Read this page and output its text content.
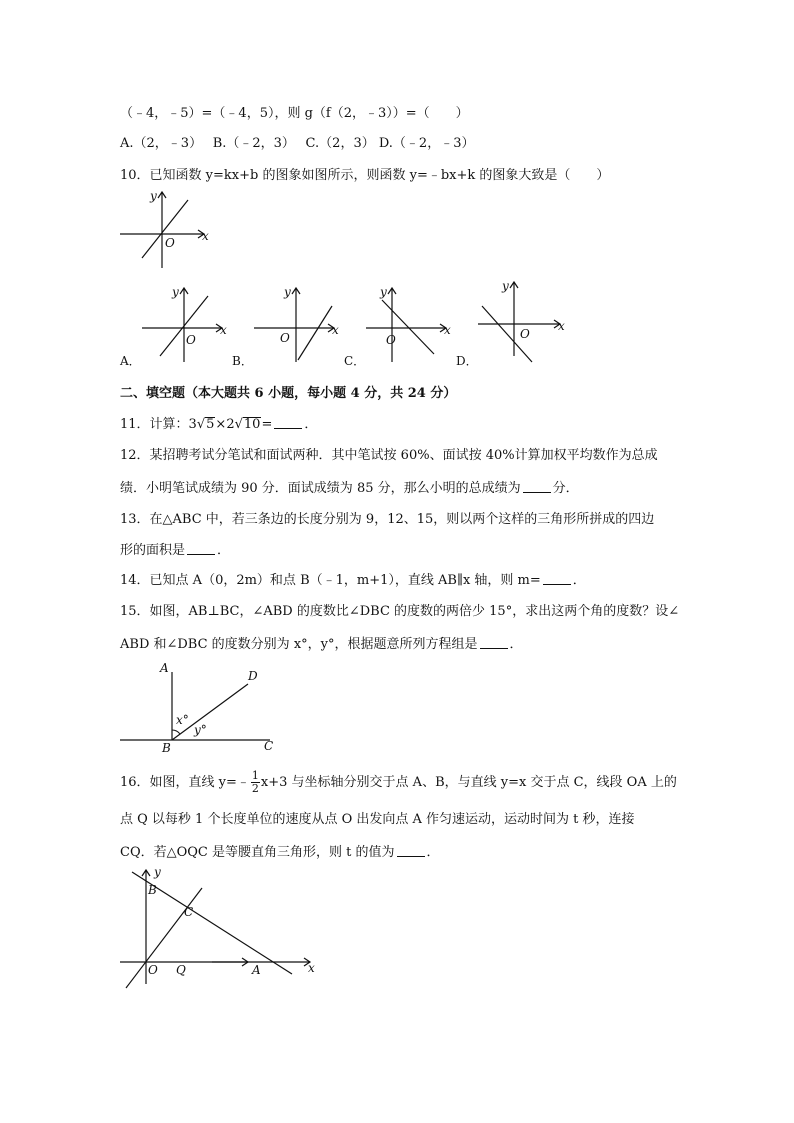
（﹣4，﹣5）=（﹣4，5），则 g（f（2，﹣3））=（　　）
A.（2，﹣3）　 B.（﹣2，3）　 C.（2，3） D.（﹣2，﹣3）
10．已知函数 y=kx+b 的图象如图所示，则函数 y=﹣bx+k 的图象大致是（　　）
x
y
O
x
y
O
A．
x
y
O
B．
x
y
O
C．
x
y
O
D．
二、填空题（本大题共 6 小题，每小题 4 分，共 24 分）
11．计算：3√5×2√10= ．
12．某招聘考试分笔试和面试两种．其中笔试按 60%、面试按 40%计算加权平均数作为总成
绩．小明笔试成绩为 90 分．面试成绩为 85 分，那么小明的总成绩为 分．
13．在△ABC 中，若三条边的长度分别为 9，12、15，则以两个这样的三角形所拼成的四边
形的面积是 ．
14．已知点 A（0，2m）和点 B（﹣1，m+1），直线 AB∥x 轴，则 m= ．
15．如图，AB⊥BC，∠ABD 的度数比∠DBC 的度数的两倍少 15°，求出这两个角的度数？设∠
ABD 和∠DBC 的度数分别为 x°，y°，根据题意所列方程组是 ．
A
D
B	C
x°
y°
16．如图，直线 y=﹣ $\frac{1}{2} x+3$ 与坐标轴分别交于点 A、B，与直线 y=x 交于点 C，线段 OA 上的
点 Q 以每秒 1 个长度单位的速度从点 O 出发向点 A 作匀速运动，运动时间为 t 秒，连接
CQ．若△OQC 是等腰直角三角形，则 t 的值为 ．
y
B
C
O Q	A	x
